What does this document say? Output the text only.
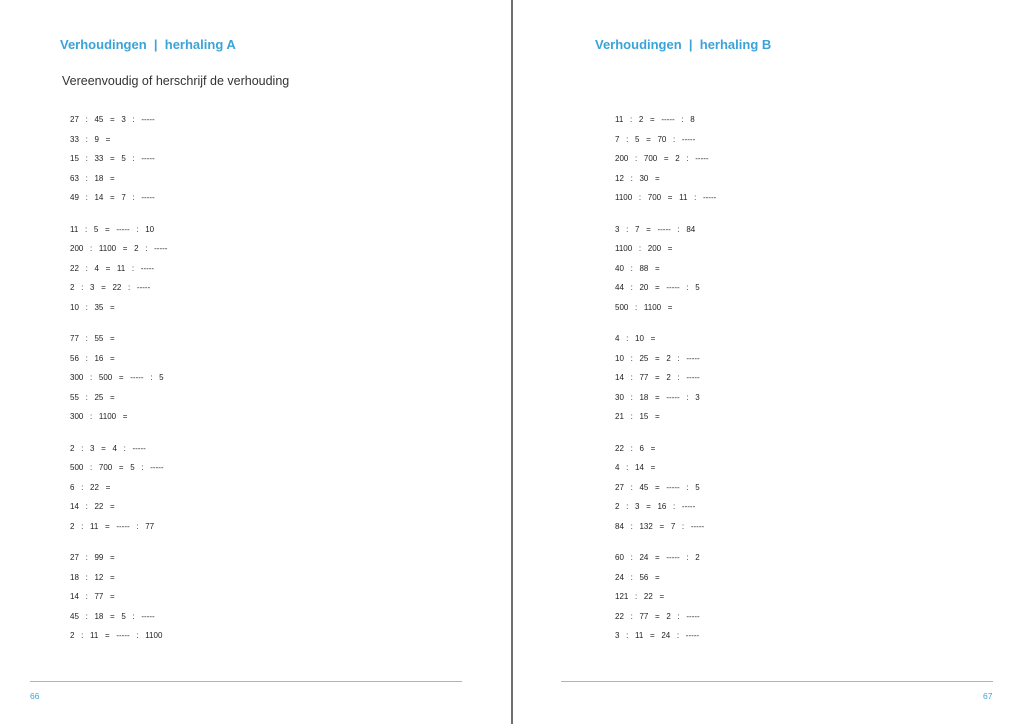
Verhoudingen  |  herhaling A

Vereenvoudig of herschrijf de verhouding

27   :   45   =   3   :   -----
33   :   9   =
15   :   33   =   5   :   -----
63   :   18   =
49   :   14   =   7   :   -----
11   :   5   =   -----   :   10
200   :   1100   =   2   :   -----
22   :   4   =   11   :   -----
2   :   3   =   22   :   -----
10   :   35   =
77   :   55   =
56   :   16   =
300   :   500   =   -----   :   5
55   :   25   =
300   :   1100   =
2   :   3   =   4   :   -----
500   :   700   =   5   :   -----
6   :   22   =
14   :   22   =
2   :   11   =   -----   :   77
27   :   99   =
18   :   12   =
14   :   77   =
45   :   18   =   5   :   -----
2   :   11   =   -----   :   1100
66
Verhoudingen  |  herhaling B
11   :   2   =   -----   :   8
7   :   5   =   70   :   -----
200   :   700   =   2   :   -----
12   :   30   =
1100   :   700   =   11   :   -----
3   :   7   =   -----   :   84
1100   :   200   =
40   :   88   =
44   :   20   =   -----   :   5
500   :   1100   =
4   :   10   =
10   :   25   =   2   :   -----
14   :   77   =   2   :   -----
30   :   18   =   -----   :   3
21   :   15   =
22   :   6   =
4   :   14   =
27   :   45   =   -----   :   5
2   :   3   =   16   :   -----
84   :   132   =   7   :   -----
60   :   24   =   -----   :   2
24   :   56   =
121   :   22   =
22   :   77   =   2   :   -----
3   :   11   =   24   :   -----
67
